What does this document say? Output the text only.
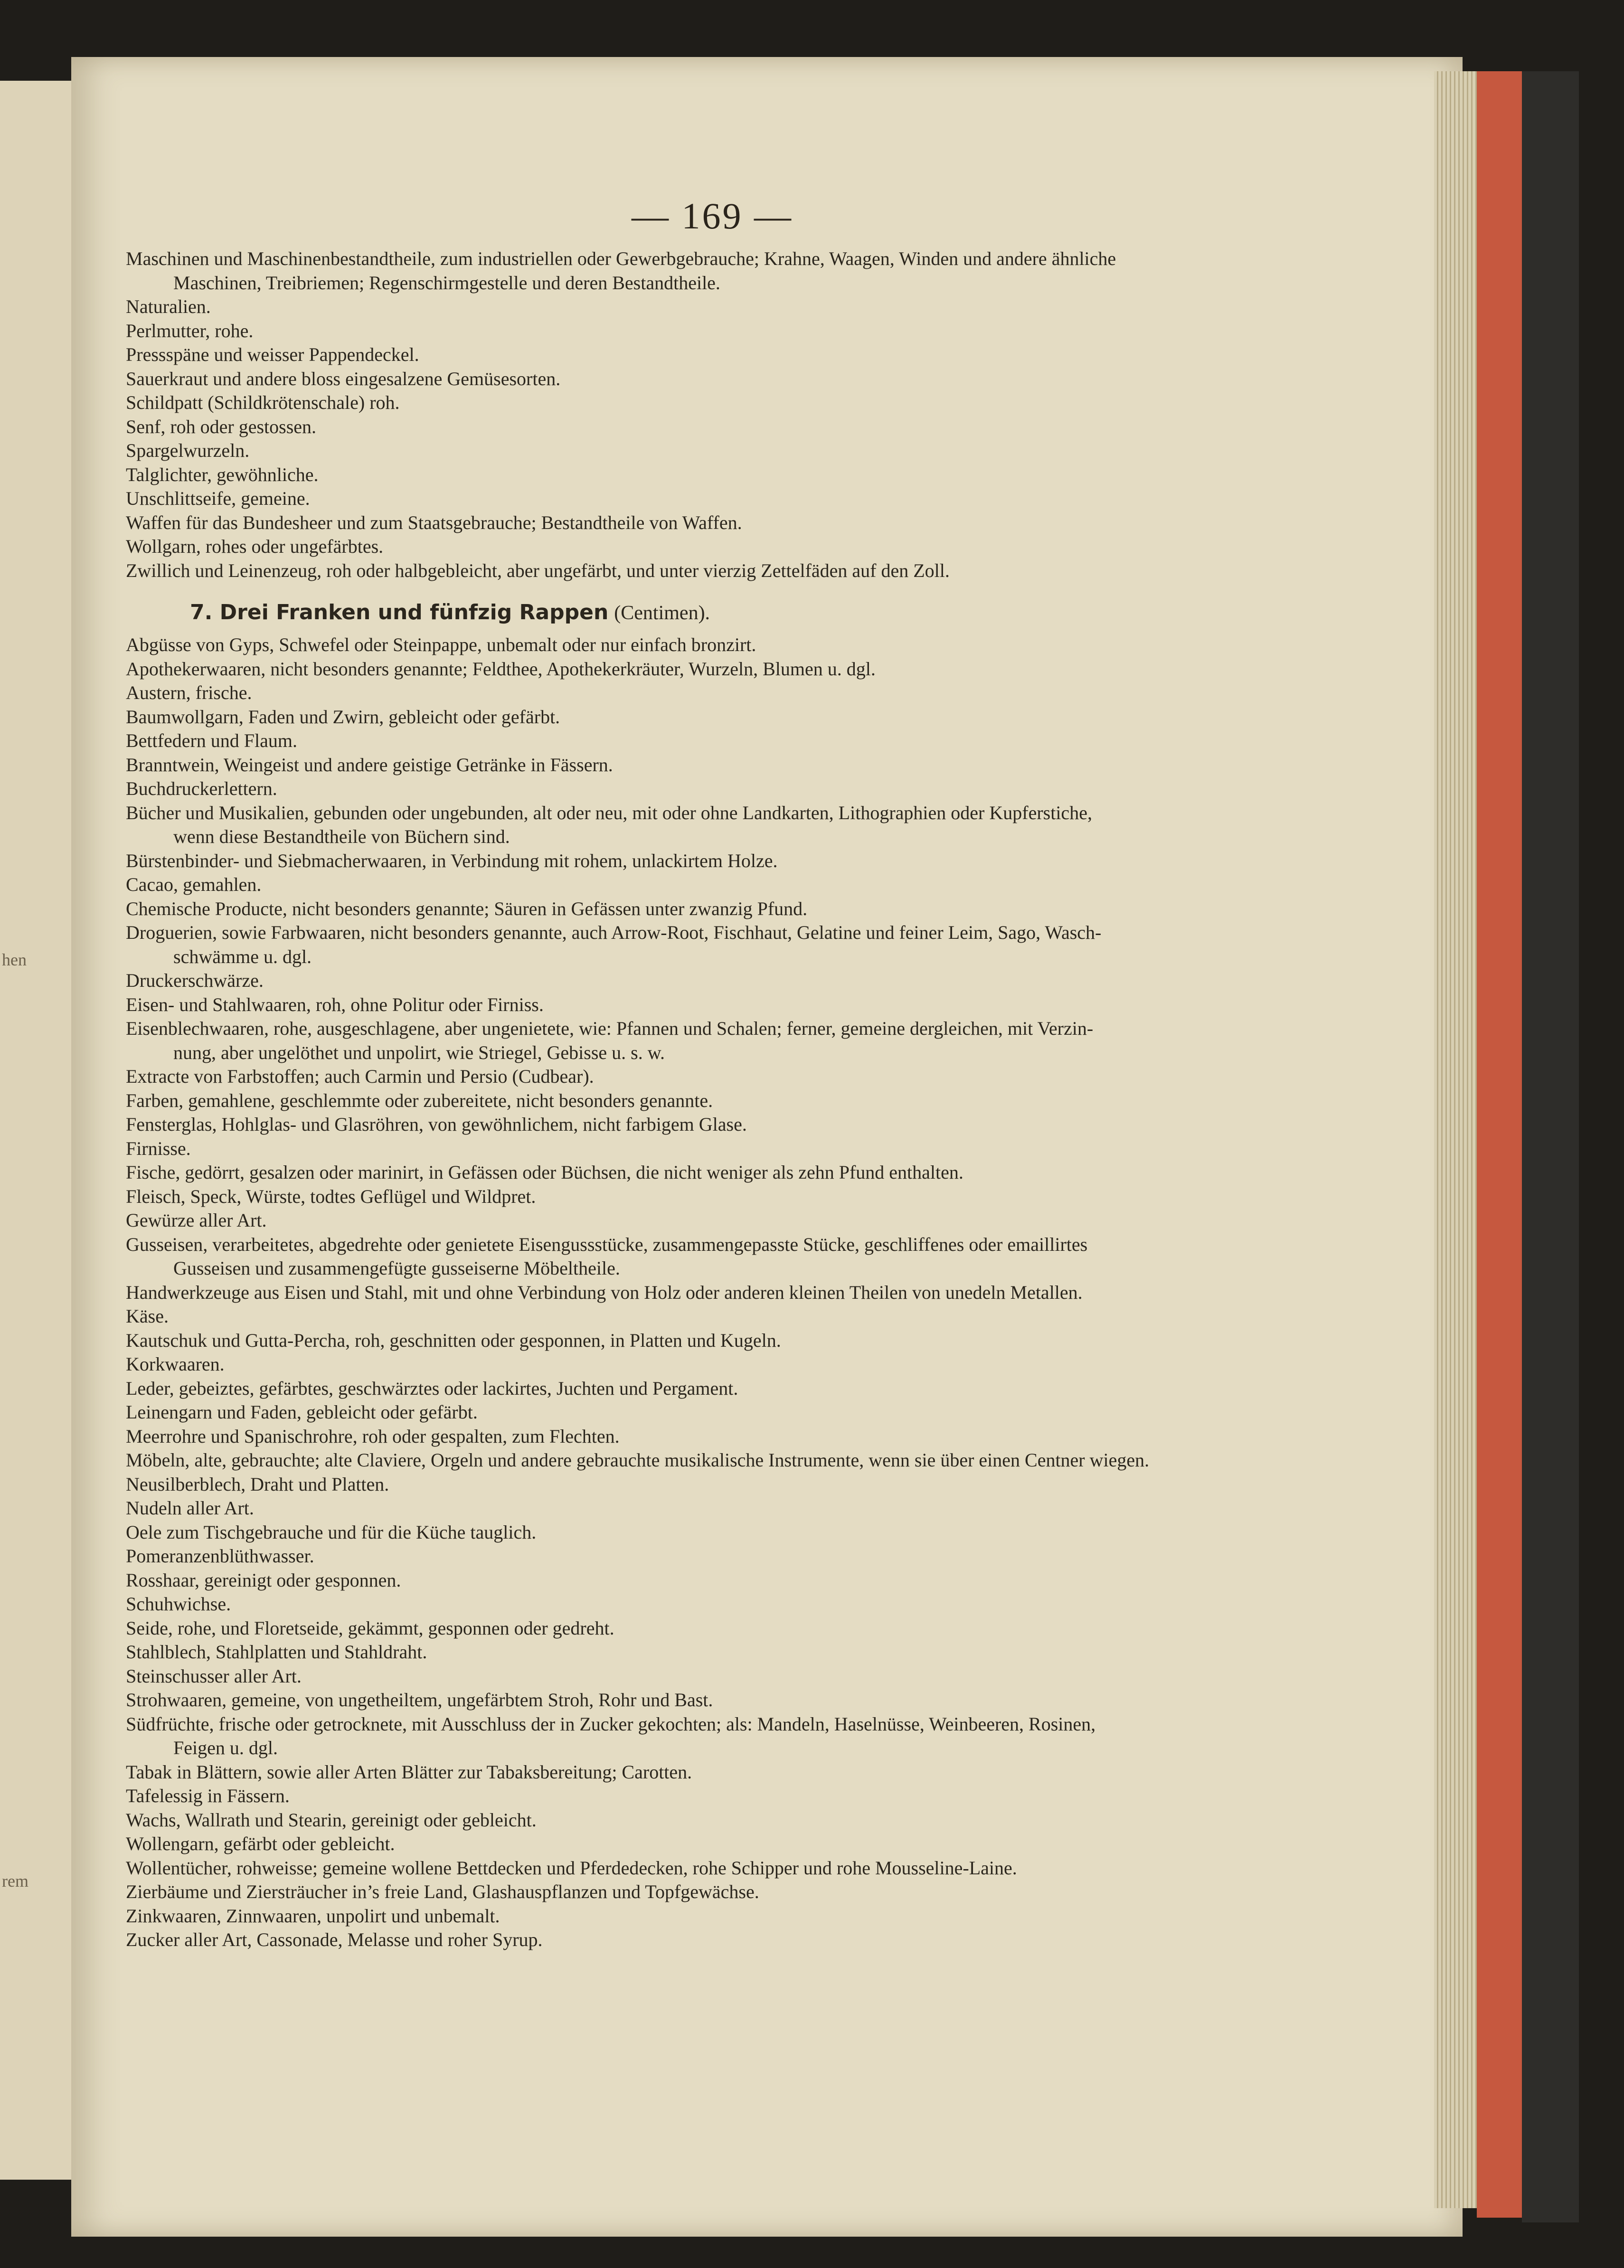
hen
rem
— 169 —
Maschinen und Maschinenbestandtheile, zum industriellen oder Gewerbgebrauche; Krahne, Waagen, Winden und andere ähnliche
Maschinen, Treibriemen; Regenschirmgestelle und deren Bestandtheile.
Naturalien.
Perlmutter, rohe.
Pressspäne und weisser Pappendeckel.
Sauerkraut und andere bloss eingesalzene Gemüsesorten.
Schildpatt (Schildkrötenschale) roh.
Senf, roh oder gestossen.
Spargelwurzeln.
Talglichter, gewöhnliche.
Unschlittseife, gemeine.
Waffen für das Bundesheer und zum Staatsgebrauche; Bestandtheile von Waffen.
Wollgarn, rohes oder ungefärbtes.
Zwillich und Leinenzeug, roh oder halbgebleicht, aber ungefärbt, und unter vierzig Zettelfäden auf den Zoll.
7. Drei Franken und fünfzig Rappen (Centimen).
Abgüsse von Gyps, Schwefel oder Steinpappe, unbemalt oder nur einfach bronzirt.
Apothekerwaaren, nicht besonders genannte; Feldthee, Apothekerkräuter, Wurzeln, Blumen u. dgl.
Austern, frische.
Baumwollgarn, Faden und Zwirn, gebleicht oder gefärbt.
Bettfedern und Flaum.
Branntwein, Weingeist und andere geistige Getränke in Fässern.
Buchdruckerlettern.
Bücher und Musikalien, gebunden oder ungebunden, alt oder neu, mit oder ohne Landkarten, Lithographien oder Kupferstiche,
wenn diese Bestandtheile von Büchern sind.
Bürstenbinder- und Siebmacherwaaren, in Verbindung mit rohem, unlackirtem Holze.
Cacao, gemahlen.
Chemische Producte, nicht besonders genannte; Säuren in Gefässen unter zwanzig Pfund.
Droguerien, sowie Farbwaaren, nicht besonders genannte, auch Arrow-Root, Fischhaut, Gelatine und feiner Leim, Sago, Wasch-
schwämme u. dgl.
Druckerschwärze.
Eisen- und Stahlwaaren, roh, ohne Politur oder Firniss.
Eisenblechwaaren, rohe, ausgeschlagene, aber ungenietete, wie: Pfannen und Schalen; ferner, gemeine dergleichen, mit Verzin-
nung, aber ungelöthet und unpolirt, wie Striegel, Gebisse u. s. w.
Extracte von Farbstoffen; auch Carmin und Persio (Cudbear).
Farben, gemahlene, geschlemmte oder zubereitete, nicht besonders genannte.
Fensterglas, Hohlglas- und Glasröhren, von gewöhnlichem, nicht farbigem Glase.
Firnisse.
Fische, gedörrt, gesalzen oder marinirt, in Gefässen oder Büchsen, die nicht weniger als zehn Pfund enthalten.
Fleisch, Speck, Würste, todtes Geflügel und Wildpret.
Gewürze aller Art.
Gusseisen, verarbeitetes, abgedrehte oder genietete Eisengussstücke, zusammengepasste Stücke, geschliffenes oder emaillirtes
Gusseisen und zusammengefügte gusseiserne Möbeltheile.
Handwerkzeuge aus Eisen und Stahl, mit und ohne Verbindung von Holz oder anderen kleinen Theilen von unedeln Metallen.
Käse.
Kautschuk und Gutta-Percha, roh, geschnitten oder gesponnen, in Platten und Kugeln.
Korkwaaren.
Leder, gebeiztes, gefärbtes, geschwärztes oder lackirtes, Juchten und Pergament.
Leinengarn und Faden, gebleicht oder gefärbt.
Meerrohre und Spanischrohre, roh oder gespalten, zum Flechten.
Möbeln, alte, gebrauchte; alte Claviere, Orgeln und andere gebrauchte musikalische Instrumente, wenn sie über einen Centner wiegen.
Neusilberblech, Draht und Platten.
Nudeln aller Art.
Oele zum Tischgebrauche und für die Küche tauglich.
Pomeranzenblüthwasser.
Rosshaar, gereinigt oder gesponnen.
Schuhwichse.
Seide, rohe, und Floretseide, gekämmt, gesponnen oder gedreht.
Stahlblech, Stahlplatten und Stahldraht.
Steinschusser aller Art.
Strohwaaren, gemeine, von ungetheiltem, ungefärbtem Stroh, Rohr und Bast.
Südfrüchte, frische oder getrocknete, mit Ausschluss der in Zucker gekochten; als: Mandeln, Haselnüsse, Weinbeeren, Rosinen,
Feigen u. dgl.
Tabak in Blättern, sowie aller Arten Blätter zur Tabaksbereitung; Carotten.
Tafelessig in Fässern.
Wachs, Wallrath und Stearin, gereinigt oder gebleicht.
Wollengarn, gefärbt oder gebleicht.
Wollentücher, rohweisse; gemeine wollene Bettdecken und Pferdedecken, rohe Schipper und rohe Mousseline-Laine.
Zierbäume und Ziersträucher in’s freie Land, Glashauspflanzen und Topfgewächse.
Zinkwaaren, Zinnwaaren, unpolirt und unbemalt.
Zucker aller Art, Cassonade, Melasse und roher Syrup.
